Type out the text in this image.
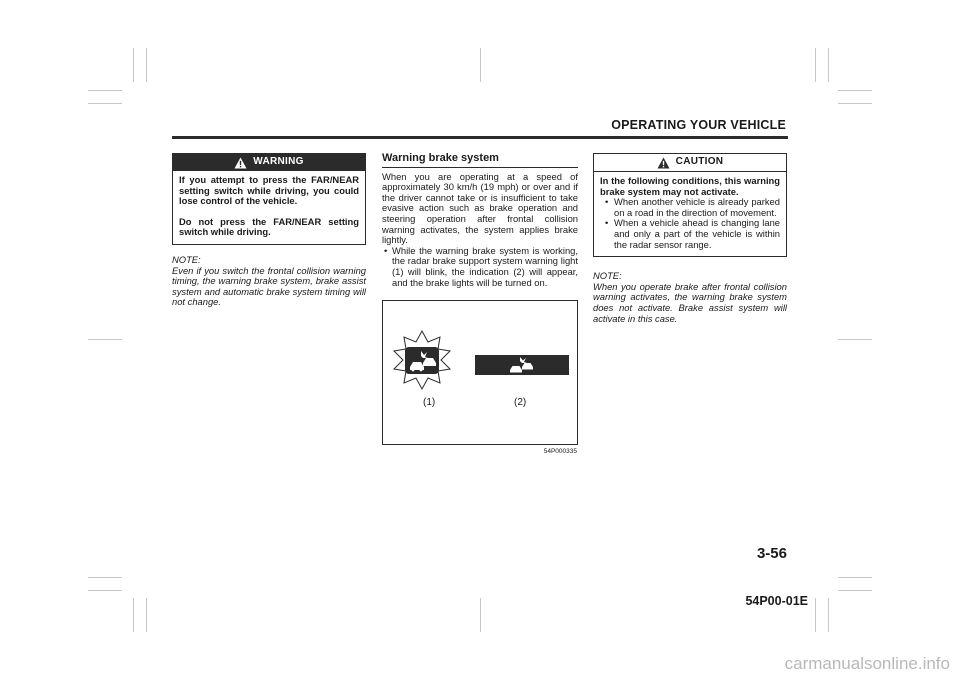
OPERATING YOUR VEHICLE
WARNING

If you attempt to press the FAR/NEAR setting switch while driving, you could lose control of the vehicle.

Do not press the FAR/NEAR setting switch while driving.

NOTE:
Even if you switch the frontal collision warning timing, the warning brake system, brake assist system and automatic brake system timing will not change.
Warning brake system

When you are operating at a speed of approximately 30 km/h (19 mph) or over and if the driver cannot take or is insufficient to take evasive action such as brake operation and steering operation after frontal collision warning activates, the system applies brake lightly.

• While the warning brake system is working, the radar brake support system warning light (1) will blink, the indication (2) will appear, and the brake lights will be turned on.
(1)	(2)
54P000335
CAUTION

In the following conditions, this warning brake system may not activate.

• When another vehicle is already parked on a road in the direction of movement.
• When a vehicle ahead is changing lane and only a part of the vehicle is within the radar sensor range.
NOTE:
When you operate brake after frontal collision warning activates, the warning brake system does not activate. Brake assist system will activate in this case.
3-56
54P00-01E
carmanualsonline.info
